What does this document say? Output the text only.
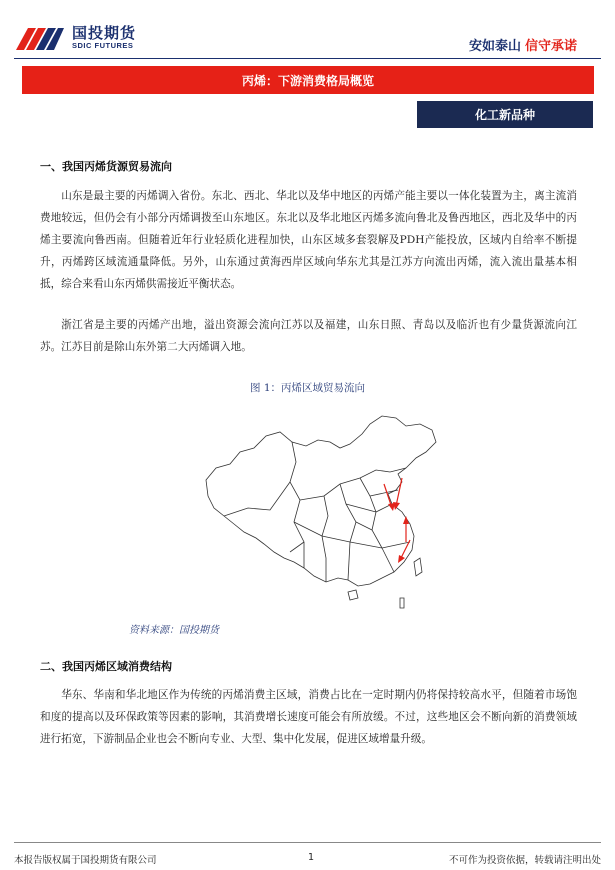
国投期货
SDIC FUTURES	安如泰山 信守承诺
丙烯：下游消费格局概览
化工新品种
一、我国丙烯货源贸易流向
山东是最主要的丙烯调入省份。东北、西北、华北以及华中地区的丙烯产能主要以一体化装置为主，离主流消费地较远，但仍会有小部分丙烯调拨至山东地区。东北以及华北地区丙烯多流向鲁北及鲁西地区，西北及华中的丙烯主要流向鲁西南。但随着近年行业轻质化进程加快，山东区域多套裂解及PDH产能投放，区域内自给率不断提升，丙烯跨区域流通量降低。另外，山东通过黄海西岸区域向华东尤其是江苏方向流出丙烯，流入流出量基本相抵，综合来看山东丙烯供需接近平衡状态。
浙江省是主要的丙烯产出地，溢出资源会流向江苏以及福建，山东日照、青岛以及临沂也有少量货源流向江苏。江苏目前是除山东外第二大丙烯调入地。
图 1：丙烯区域贸易流向
资料来源：国投期货
二、我国丙烯区域消费结构
华东、华南和华北地区作为传统的丙烯消费主区域，消费占比在一定时期内仍将保持较高水平，但随着市场饱和度的提高以及环保政策等因素的影响，其消费增长速度可能会有所放缓。不过，这些地区会不断向新的消费领域进行拓宽，下游制品企业也会不断向专业、大型、集中化发展，促进区域增量升级。
本报告版权属于国投期货有限公司	1	不可作为投资依据，转载请注明出处
